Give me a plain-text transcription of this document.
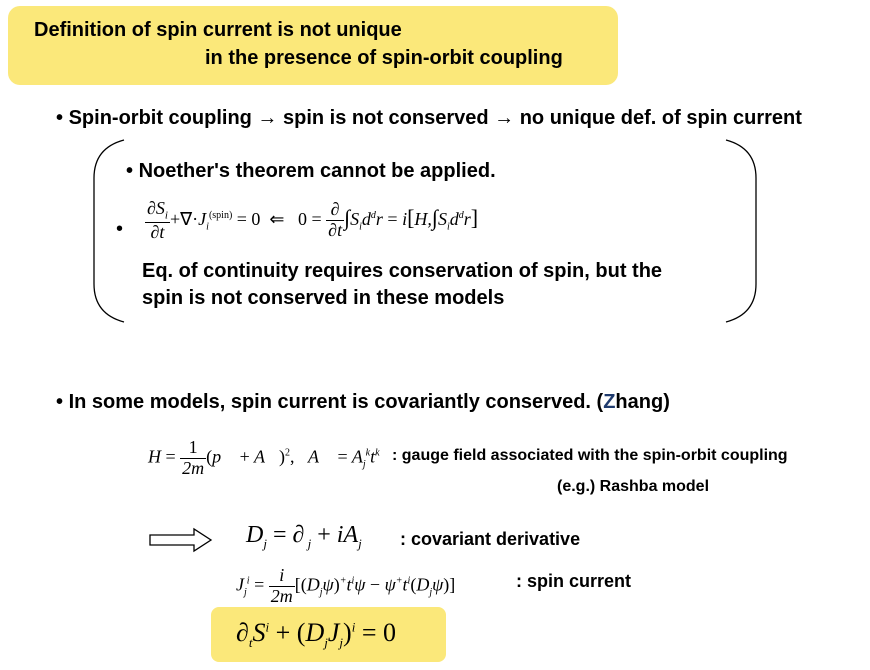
Definition of spin current is not unique
in the presence of spin-orbit coupling
• Spin-orbit coupling → spin is not conserved → no unique def. of spin current
• Noether's theorem cannot be applied.
• $\frac{\partial S_i}{\partial t} +\nabla\cdot J_i^{(spin)} = 0$  ⇐   $0 = \frac{\partial}{\partial t} \int S_id^dr = i[H,\int S_id^dr]$
Eq. of continuity requires conservation of spin, but the
spin is not conserved in these models
• In some models, spin current is covariantly conserved. (Zhang)
$H = \frac{1}{2m}$ (p⃗ + A⃗)$^2$,   A⃗ = $A_j^kt^k$ : gauge field associated with the spin-orbit coupling
(e.g.) Rashba model
$D_j$ = ∂ $_j + iA_j$ : covariant derivative
$J_j^i = \frac{i}{2m} [(D_j\psi)^+t^i\psi - \psi^+t^i(D_j\psi)]$	: spin current
$\partial_tS^i + (D_jJ_j)^i = 0$
